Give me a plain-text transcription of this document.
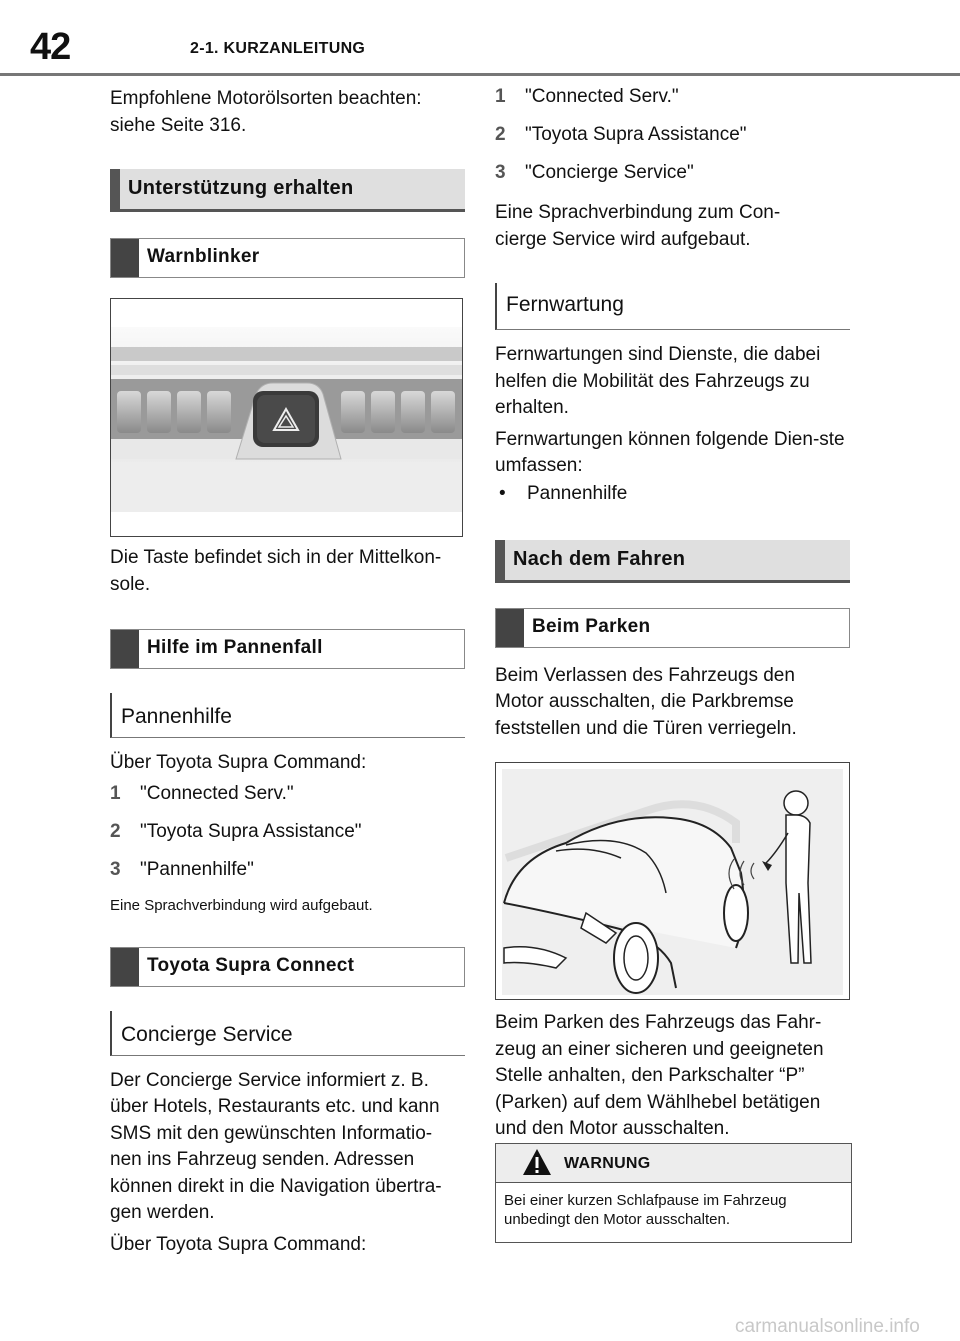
42	2-1. KURZANLEITUNG

Empfohlene Motorölsorten beachten: siehe Seite 316.

Unterstützung erhalten
Warnblinker

Die Taste befindet sich in der Mittelkon-sole.

Hilfe im Pannenfall
Pannenhilfe

Über Toyota Supra Command:

1	"Connected Serv."
2	"Toyota Supra Assistance"
3	"Pannenhilfe"

Eine Sprachverbindung wird aufgebaut.

Toyota Supra Connect
Concierge Service

Der Concierge Service informiert z. B. über Hotels, Restaurants etc. und kann SMS mit den gewünschten Informatio-nen ins Fahrzeug senden. Adressen können direkt in die Navigation übertra-gen werden.

Über Toyota Supra Command:

1	"Connected Serv."
2	"Toyota Supra Assistance"
3	"Concierge Service"

Eine Sprachverbindung zum Con-cierge Service wird aufgebaut.

Fernwartung

Fernwartungen sind Dienste, die dabei helfen die Mobilität des Fahrzeugs zu erhalten.

Fernwartungen können folgende Dien-ste umfassen:

•	Pannenhilfe
Nach dem Fahren
Beim Parken

Beim Verlassen des Fahrzeugs den Motor ausschalten, die Parkbremse feststellen und die Türen verriegeln.

Beim Parken des Fahrzeugs das Fahr-zeug an einer sicheren und geeigneten Stelle anhalten, den Parkschalter “P” (Parken) auf dem Wählhebel betätigen und den Motor ausschalten.

WARNUNG
Bei einer kurzen Schlafpause im Fahrzeug unbedingt den Motor ausschalten.
carmanualsonline.info
